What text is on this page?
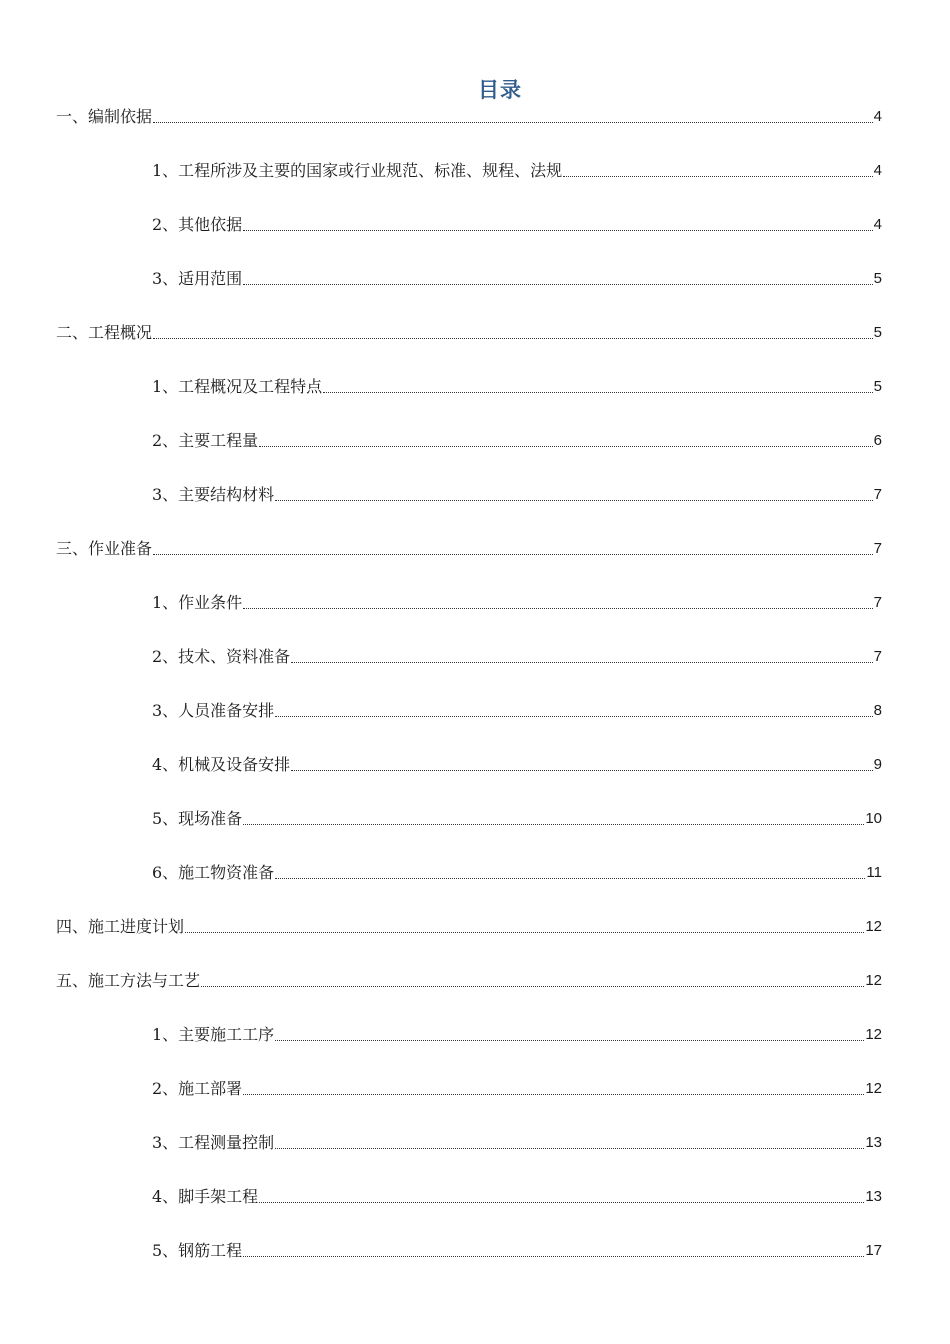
目录
一、编制依据	4
1、工程所涉及主要的国家或行业规范、标准、规程、法规	4
2、其他依据	4
3、适用范围	5
二、工程概况	5
1、工程概况及工程特点	5
2、主要工程量	6
3、主要结构材料	7
三、作业准备	7
1、作业条件	7
2、技术、资料准备	7
3、人员准备安排	8
4、机械及设备安排	9
5、现场准备	10
6、施工物资准备	11
四、施工进度计划	12
五、施工方法与工艺	12
1、主要施工工序	12
2、施工部署	12
3、工程测量控制	13
4、脚手架工程	13
5、钢筋工程	17
